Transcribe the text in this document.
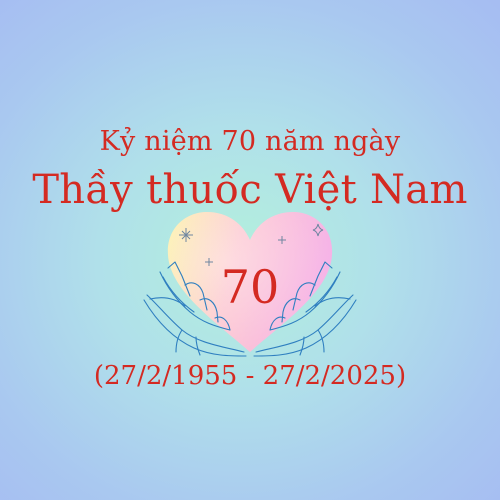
Kỷ niệm 70 năm ngày
Thầy thuốc Việt Nam
70
(27/2/1955 - 27/2/2025)
